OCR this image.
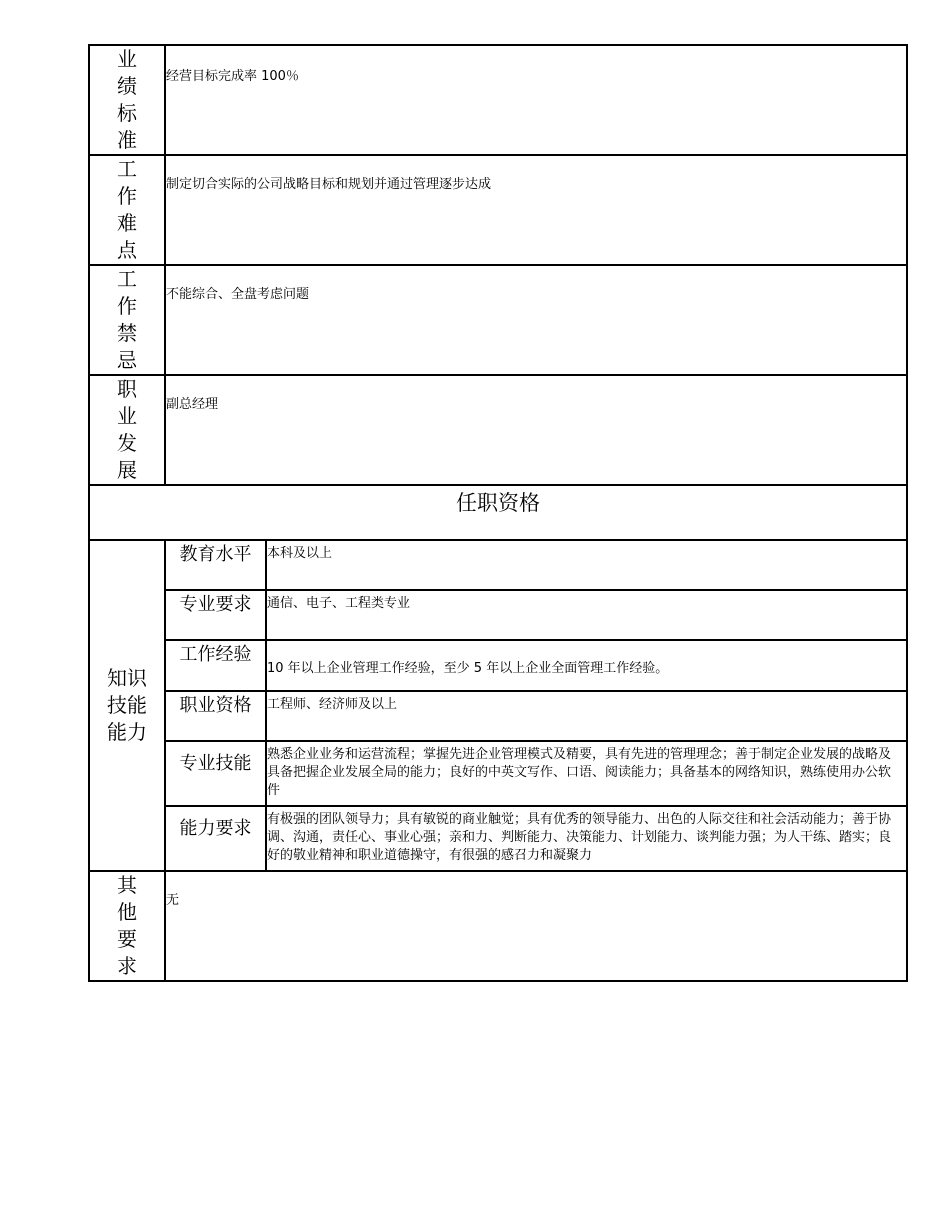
业绩标准	经营目标完成率 100％	
工作难点	制定切合实际的公司战略目标和规划并通过管理逐步达成	
工作禁忌	不能综合、全盘考虑问题	
职业发展	副总经理	
任职资格		
知识技能能力	教育水平	本科及以上
	专业要求	通信、电子、工程类专业
	工作经验	10 年以上企业管理工作经验，至少 5 年以上企业全面管理工作经验。
	职业资格	工程师、经济师及以上
	专业技能	熟悉企业业务和运营流程；掌握先进企业管理模式及精要，具有先进的管理理念；善于制定企业发展的战略及具备把握企业发展全局的能力；良好的中英文写作、口语、阅读能力；具备基本的网络知识，熟练使用办公软件
	能力要求	有极强的团队领导力；具有敏锐的商业触觉；具有优秀的领导能力、出色的人际交往和社会活动能力；善于协调、沟通，责任心、事业心强；亲和力、判断能力、决策能力、计划能力、谈判能力强；为人干练、踏实；良好的敬业精神和职业道德操守，有很强的感召力和凝聚力
其他要求	无	
